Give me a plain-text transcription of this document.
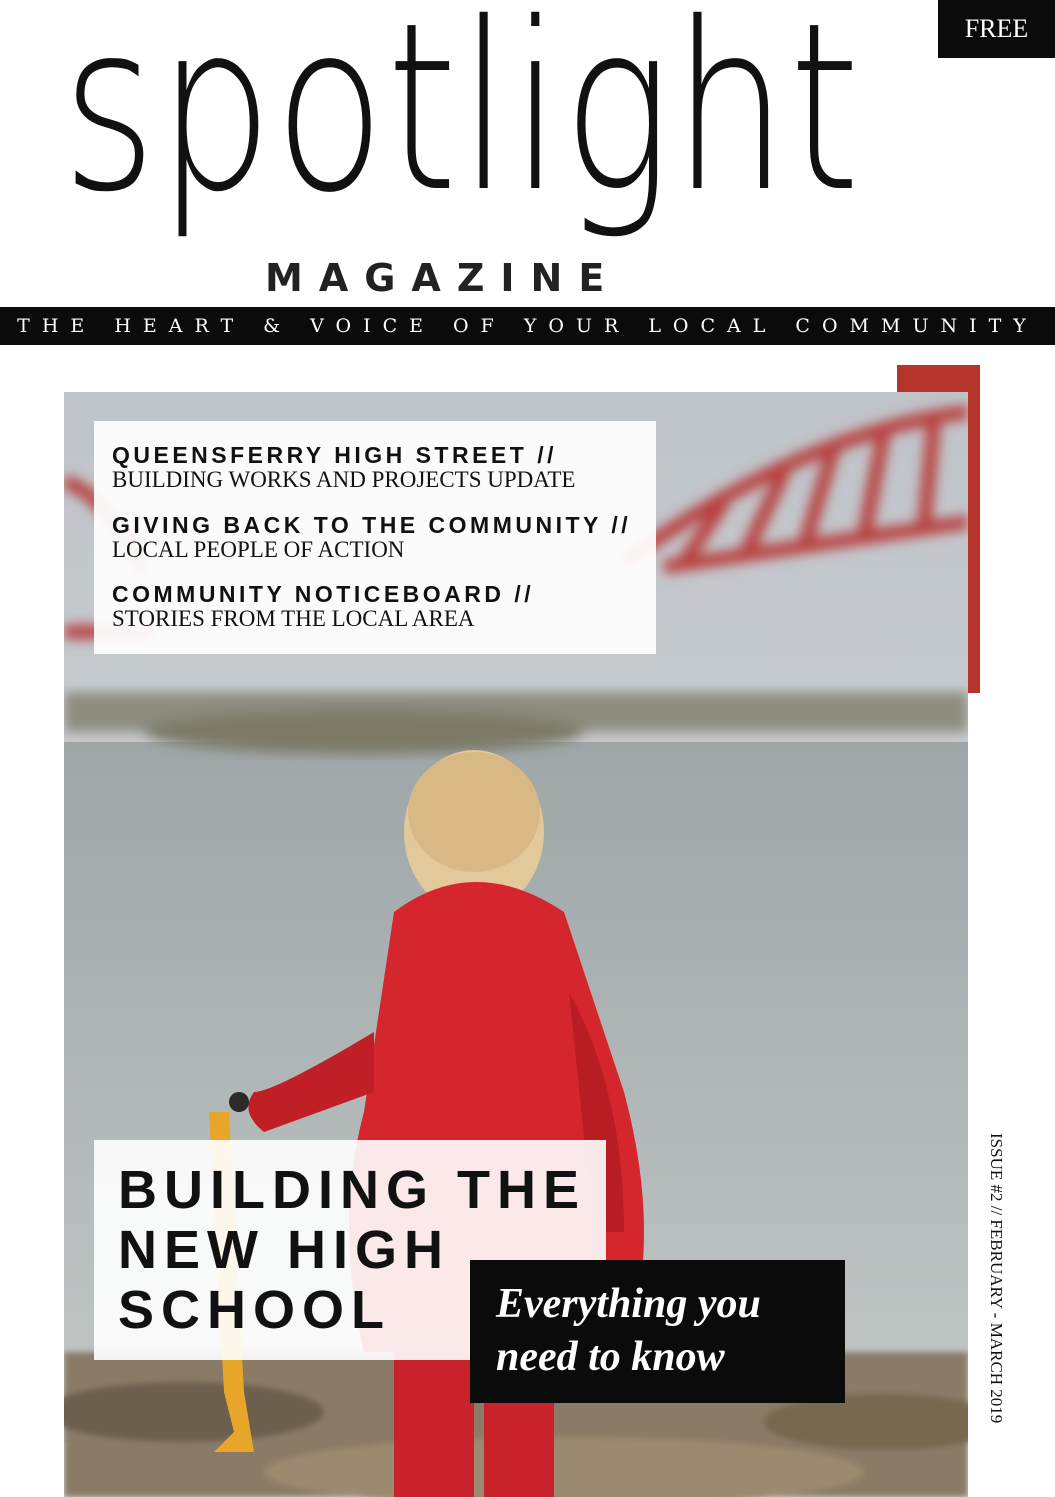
FREE
spotlight
MAGAZINE
THE HEART & VOICE OF YOUR LOCAL COMMUNITY
QUEENSFERRY HIGH STREET //
BUILDING WORKS AND PROJECTS UPDATE
GIVING BACK TO THE COMMUNITY //
LOCAL PEOPLE OF ACTION
COMMUNITY NOTICEBOARD //
STORIES FROM THE LOCAL AREA
BUILDING THE
NEW HIGH
SCHOOL	Everything you
need to know	ISSUE #2 // FEBRUARY - MARCH 2019
